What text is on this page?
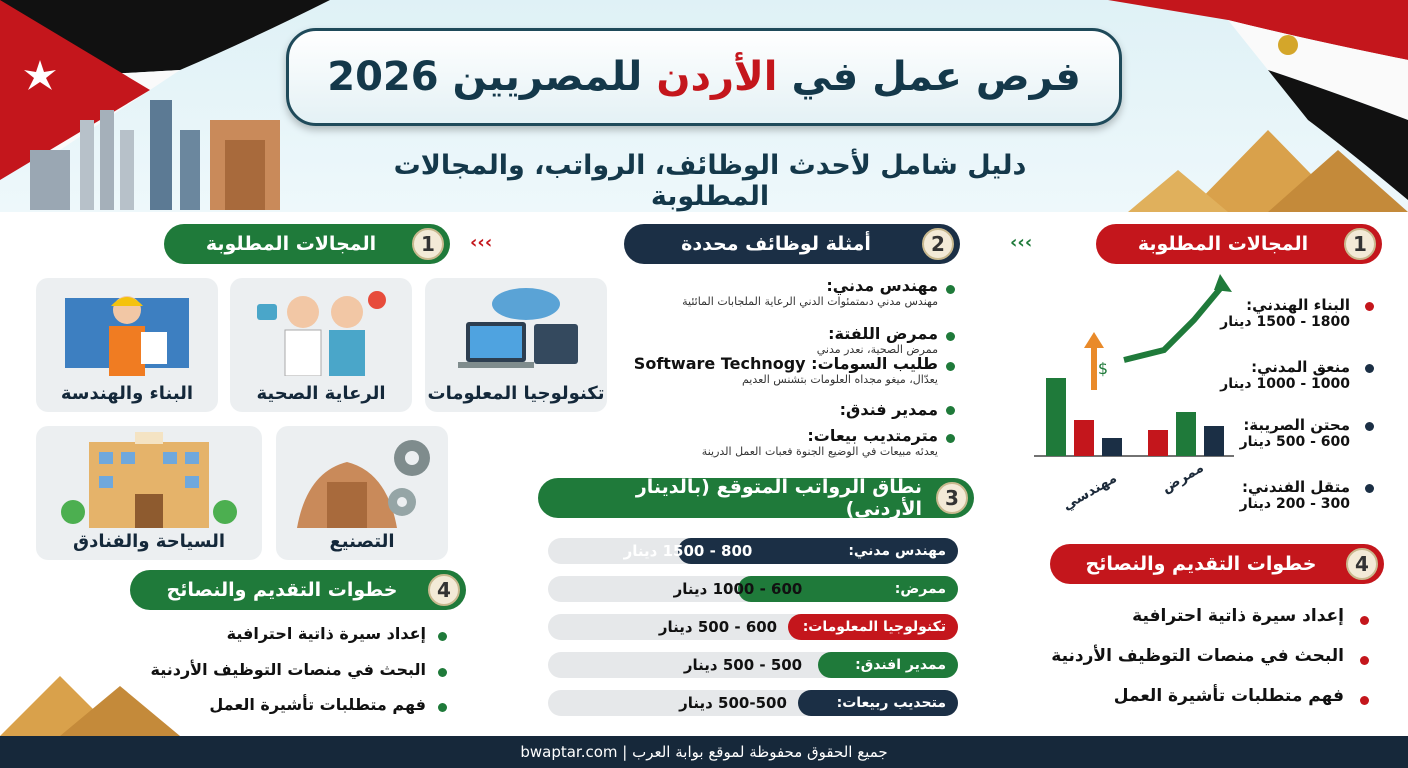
فرص عمل في
الأردن
للمصريين 2026
دليل شامل لأحدث الوظائف، الرواتب، والمجالات المطلوبة
المجالات المطلوبة	1	أمثلة لوظائف محددة	2	المجالات المطلوبة	1
›››	›››
تكنولوجيا المعلومات
الرعاية الصحية
البناء والهندسة
التصنيع
السياحة والفنادق
مهندس مدني:
مهندس مدني دىمتمئوات الدني الرعاية الملجابات المائئية
ممرض اللفتة:
ممرض الصحية، نعدر مدني
طليب السومات: Software Technogy
يعدّال، ميغو مجداه العلومات بتشنس العديم
ممدير فندق:
مترمتديب بيعات:
يعدئه مبيعات في الوضيع الجنوة فعبات العمل الدرينة
نطاق الرواتب المتوقع (بالدينار الأردني)	3
مهندس مدني:
800 - 1500 دينار
ممرض:
600 - 1000 دينار
تكنولوجيا المعلومات:
600 - 500 دينار
ممدير افندق:
500 - 500 دينار
متحديب ربيعات:
500-500 دينار
خطوات التقديم والنصائح	4
إعداد سيرة ذاتية احترافية
البحث في منصات التوظيف الأردنية
فهم متطلبات تأشيرة العمل
$
مهندسي	ممرض
البناء الهندني:
1800 - 1500 دينار
منعق المدني:
1000 - 1000 دينار
محتن الصريبة:
600 - 500 دينار
متقل الفندني:
300 - 200 دينار
خطوات التقديم والنصائح	4
إعداد سيرة ذاتية احترافية
البحث في منصات التوظيف الأردنية
فهم متطلبات تأشيرة العمل
جميع الحقوق محفوظة لموقع بوابة العرب | bwaptar.com
